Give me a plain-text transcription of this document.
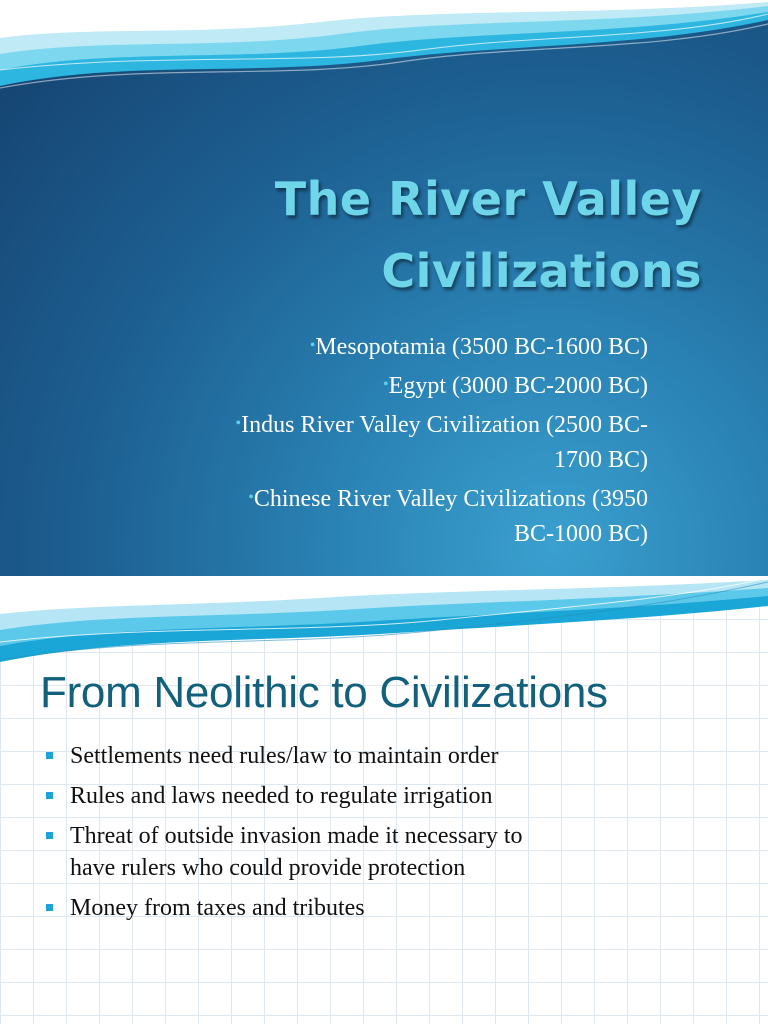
The River Valley
Civilizations
•Mesopotamia (3500 BC-1600 BC)
•Egypt (3000 BC-2000 BC)
•Indus River Valley Civilization (2500 BC-
1700 BC)
•Chinese River Valley Civilizations (3950
BC-1000 BC)
From Neolithic to Civilizations
Settlements need rules/law to maintain order
Rules and laws needed to regulate irrigation
Threat of outside invasion made it necessary to
have rulers who could provide protection
Money from taxes and tributes
